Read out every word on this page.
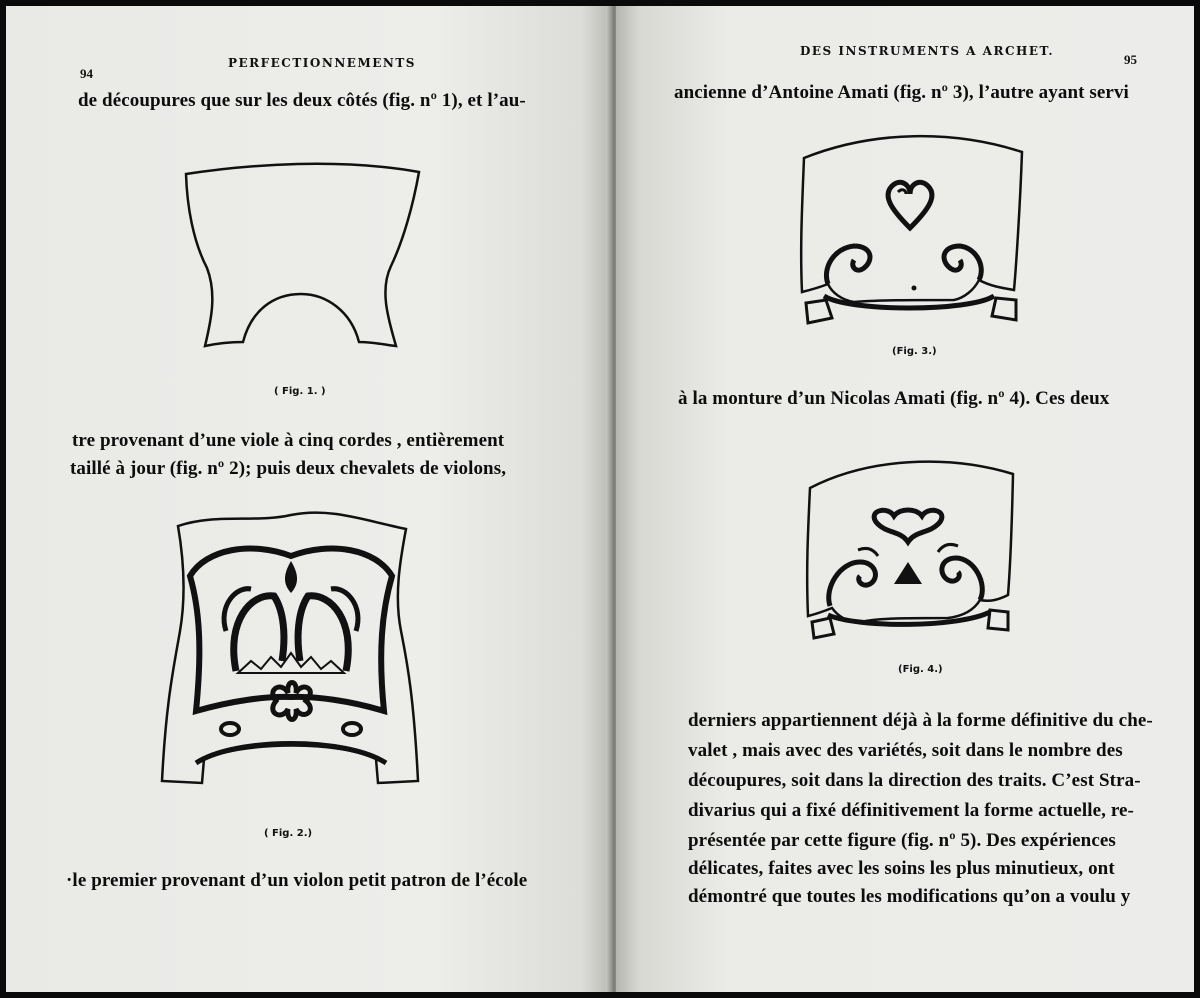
94
PERFECTIONNEMENTS
de découpures que sur les deux côtés (fig. nº 1), et l’au-
( Fig. 1. )
tre provenant d’une viole à cinq cordes , entièrement
taillé à jour (fig. nº 2); puis deux chevalets de violons,
( Fig. 2.)
·le premier provenant d’un violon petit patron de l’école
DES INSTRUMENTS A ARCHET.
95
ancienne d’Antoine Amati (fig. nº 3), l’autre ayant servi
(Fig. 3.)
à la monture d’un Nicolas Amati (fig. nº 4). Ces deux
(Fig. 4.)
derniers appartiennent déjà à la forme définitive du che-
valet , mais avec des variétés, soit dans le nombre des
découpures, soit dans la direction des traits. C’est Stra-
divarius qui a fixé définitivement la forme actuelle, re-
présentée par cette figure (fig. nº 5). Des expériences
délicates, faites avec les soins les plus minutieux, ont
démontré que toutes les modifications qu’on a voulu y
